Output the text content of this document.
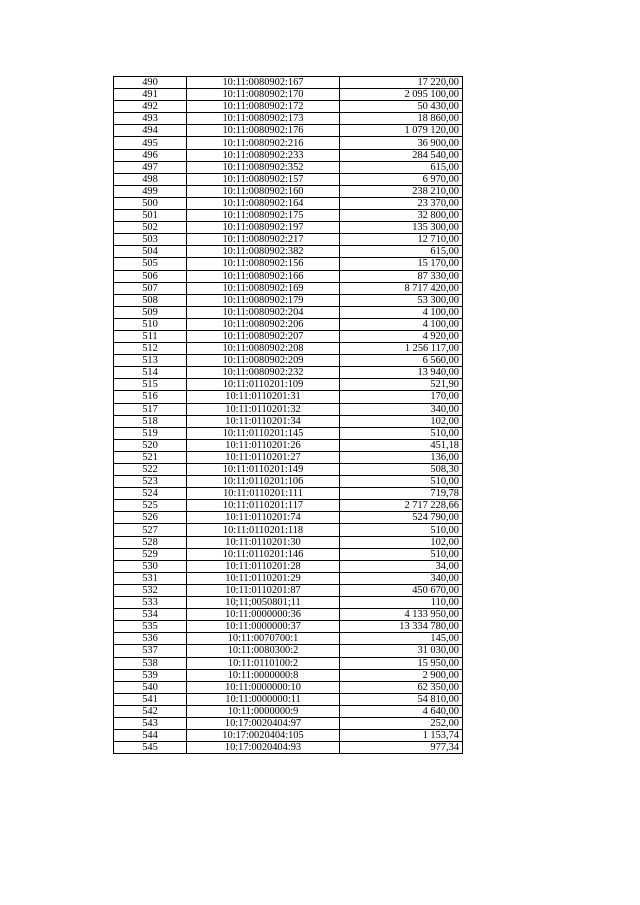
490	10:11:0080902:167	17 220,00
491	10:11:0080902:170	2 095 100,00
492	10:11:0080902:172	50 430,00
493	10:11:0080902:173	18 860,00
494	10:11:0080902:176	1 079 120,00
495	10:11:0080902:216	36 900,00
496	10:11:0080902:233	284 540,00
497	10:11:0080902:352	615,00
498	10:11:0080902:157	6 970,00
499	10:11:0080902:160	238 210,00
500	10:11:0080902:164	23 370,00
501	10:11:0080902:175	32 800,00
502	10:11:0080902:197	135 300,00
503	10:11:0080902:217	12 710,00
504	10:11:0080902:382	615,00
505	10:11:0080902:156	15 170,00
506	10:11:0080902:166	87 330,00
507	10:11:0080902:169	8 717 420,00
508	10:11:0080902:179	53 300,00
509	10:11:0080902:204	4 100,00
510	10:11:0080902:206	4 100,00
511	10:11:0080902:207	4 920,00
512	10:11:0080902:208	1 256 117,00
513	10:11:0080902:209	6 560,00
514	10:11:0080902:232	13 940,00
515	10:11:0110201:109	521,90
516	10:11:0110201:31	170,00
517	10:11:0110201:32	340,00
518	10:11:0110201:34	102,00
519	10:11:0110201:145	510,00
520	10:11:0110201:26	451,18
521	10:11:0110201:27	136,00
522	10:11:0110201:149	508,30
523	10:11:0110201:106	510,00
524	10:11:0110201:111	719,78
525	10:11:0110201:117	2 717 228,66
526	10:11:0110201:74	524 790,00
527	10:11:0110201:118	510,00
528	10:11:0110201:30	102,00
529	10:11:0110201:146	510,00
530	10:11:0110201:28	34,00
531	10:11:0110201:29	340,00
532	10:11:0110201:87	450 670,00
533	10;11;0050801;11	110,00
534	10:11:0000000:36	4 133 950,00
535	10:11:0000000:37	13 334 780,00
536	10:11:0070700:1	145,00
537	10:11:0080300:2	31 030,00
538	10:11:0110100:2	15 950,00
539	10:11:0000000:8	2 900,00
540	10:11:0000000:10	62 350,00
541	10:11:0000000:11	54 810,00
542	10:11:0000000:9	4 640,00
543	10:17:0020404:97	252,00
544	10:17:0020404:105	1 153,74
545	10:17:0020404:93	977,34
